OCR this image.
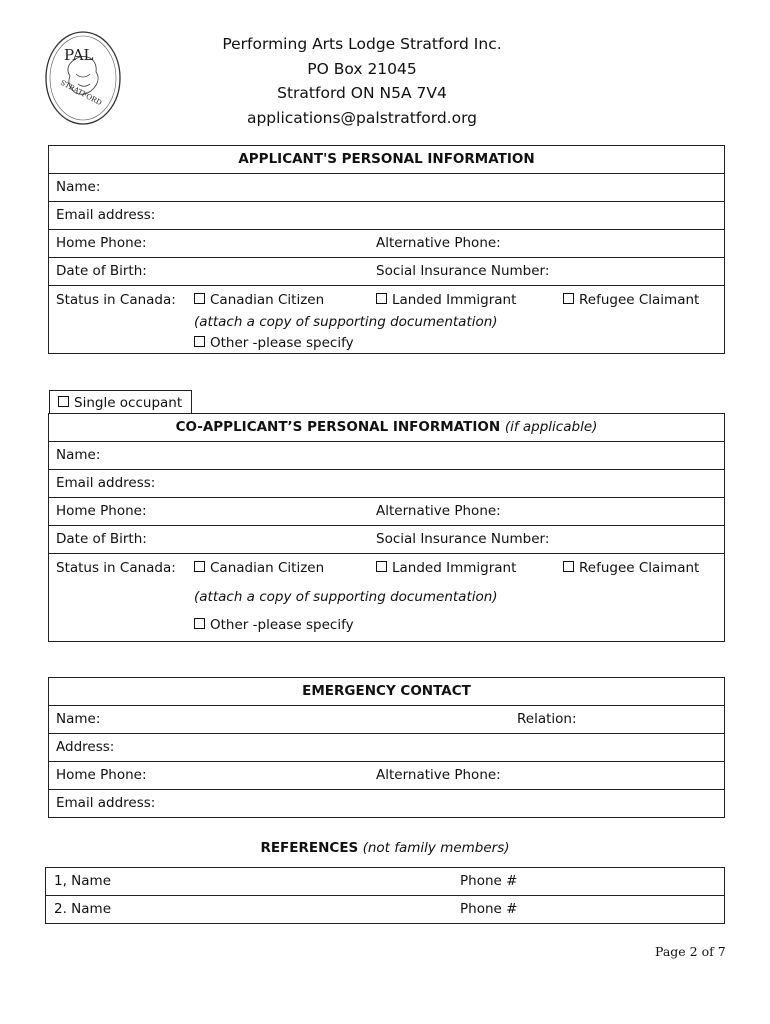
PAL
STRATFORD
Performing Arts Lodge Stratford Inc.
PO Box 21045
Stratford ON N5A 7V4
applications@palstratford.org
APPLICANT'S PERSONAL INFORMATION
Name:
Email address:
Home Phone:	Alternative Phone:
Date of Birth:	Social Insurance Number:
Status in Canada:	Canadian Citizen	Landed Immigrant	Refugee Claimant
(attach a copy of supporting documentation)
Other -please specify
Single occupant
CO-APPLICANT’S PERSONAL INFORMATION (if applicable)
Name:
Email address:
Home Phone:	Alternative Phone:
Date of Birth:	Social Insurance Number:
Status in Canada:	Canadian Citizen	Landed Immigrant	Refugee Claimant
(attach a copy of supporting documentation)
Other -please specify
EMERGENCY CONTACT
Name:	Relation:
Address:
Home Phone:	Alternative Phone:
Email address:
REFERENCES (not family members)
1, Name	Phone #
2. Name	Phone #
Page 2 of 7
